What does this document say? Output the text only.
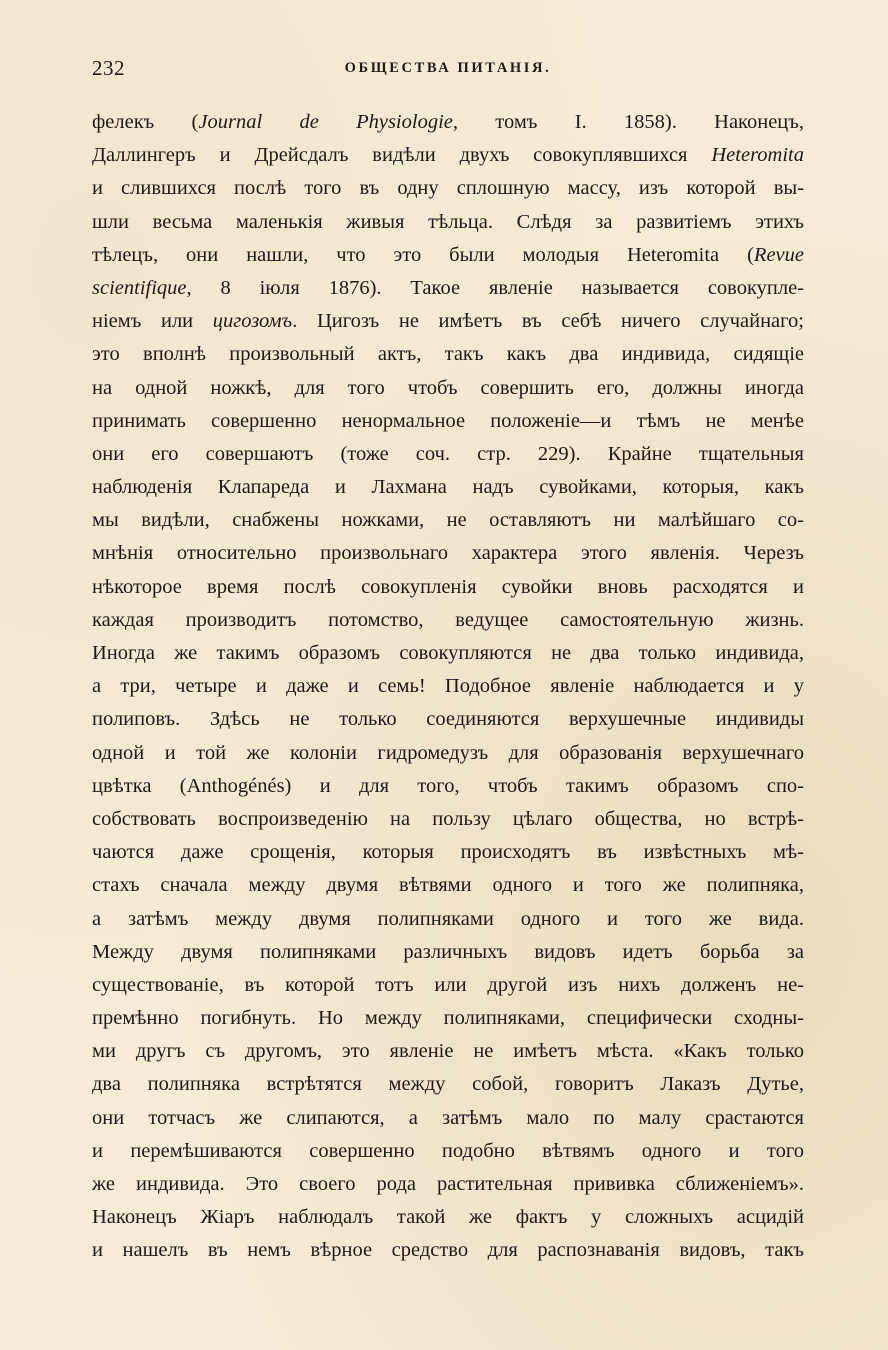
232	ОБЩЕСТВА ПИТАНІЯ.
фелекъ (Journal de Physiologie, томъ I. 1858). Наконецъ,
Даллингеръ и Дрейсдалъ видѣли двухъ совокуплявшихся Heteromita
и слившихся послѣ того въ одну сплошную массу, изъ которой вы-
шли весьма маленькія живыя тѣльца. Слѣдя за развитіемъ этихъ
тѣлецъ, они нашли, что это были молодыя Heteromita (Revue
scientifique, 8 іюля 1876). Такое явленіе называется совокупле-
ніемъ или цигозомъ. Цигозъ не имѣетъ въ себѣ ничего случайнаго;
это вполнѣ произвольный актъ, такъ какъ два индивида, сидящіе
на одной ножкѣ, для того чтобъ совершить его, должны иногда
принимать совершенно ненормальное положеніе—и тѣмъ не менѣе
они его совершаютъ (тоже соч. стр. 229). Крайне тщательныя
наблюденія Клапареда и Лахмана надъ сувойками, которыя, какъ
мы видѣли, снабжены ножками, не оставляютъ ни малѣйшаго со-
мнѣнія относительно произвольнаго характера этого явленія. Черезъ
нѣкоторое время послѣ совокупленія сувойки вновь расходятся и
каждая производитъ потомство, ведущее самостоятельную жизнь.
Иногда же такимъ образомъ совокупляются не два только индивида,
а три, четыре и даже и семь! Подобное явленіе наблюдается и у
полиповъ. Здѣсь не только соединяются верхушечные индивиды
одной и той же колоніи гидромедузъ для образованія верхушечнаго
цвѣтка (Anthogénés) и для того, чтобъ такимъ образомъ спо-
собствовать воспроизведенію на пользу цѣлаго общества, но встрѣ-
чаются даже срощенія, которыя происходятъ въ извѣстныхъ мѣ-
стахъ сначала между двумя вѣтвями одного и того же полипняка,
а затѣмъ между двумя полипняками одного и того же вида.
Между двумя полипняками различныхъ видовъ идетъ борьба за
существованіе, въ которой тотъ или другой изъ нихъ долженъ не-
премѣнно погибнуть. Но между полипняками, специфически сходны-
ми другъ съ другомъ, это явленіе не имѣетъ мѣста. «Какъ только
два полипняка встрѣтятся между собой, говоритъ Лаказъ Дутье,
они тотчасъ же слипаются, а затѣмъ мало по малу срастаются
и перемѣшиваются совершенно подобно вѣтвямъ одного и того
же индивида. Это своего рода растительная прививка сближеніемъ».
Наконецъ Жіаръ наблюдалъ такой же фактъ у сложныхъ асцидій
и нашелъ въ немъ вѣрное средство для распознаванія видовъ, такъ
